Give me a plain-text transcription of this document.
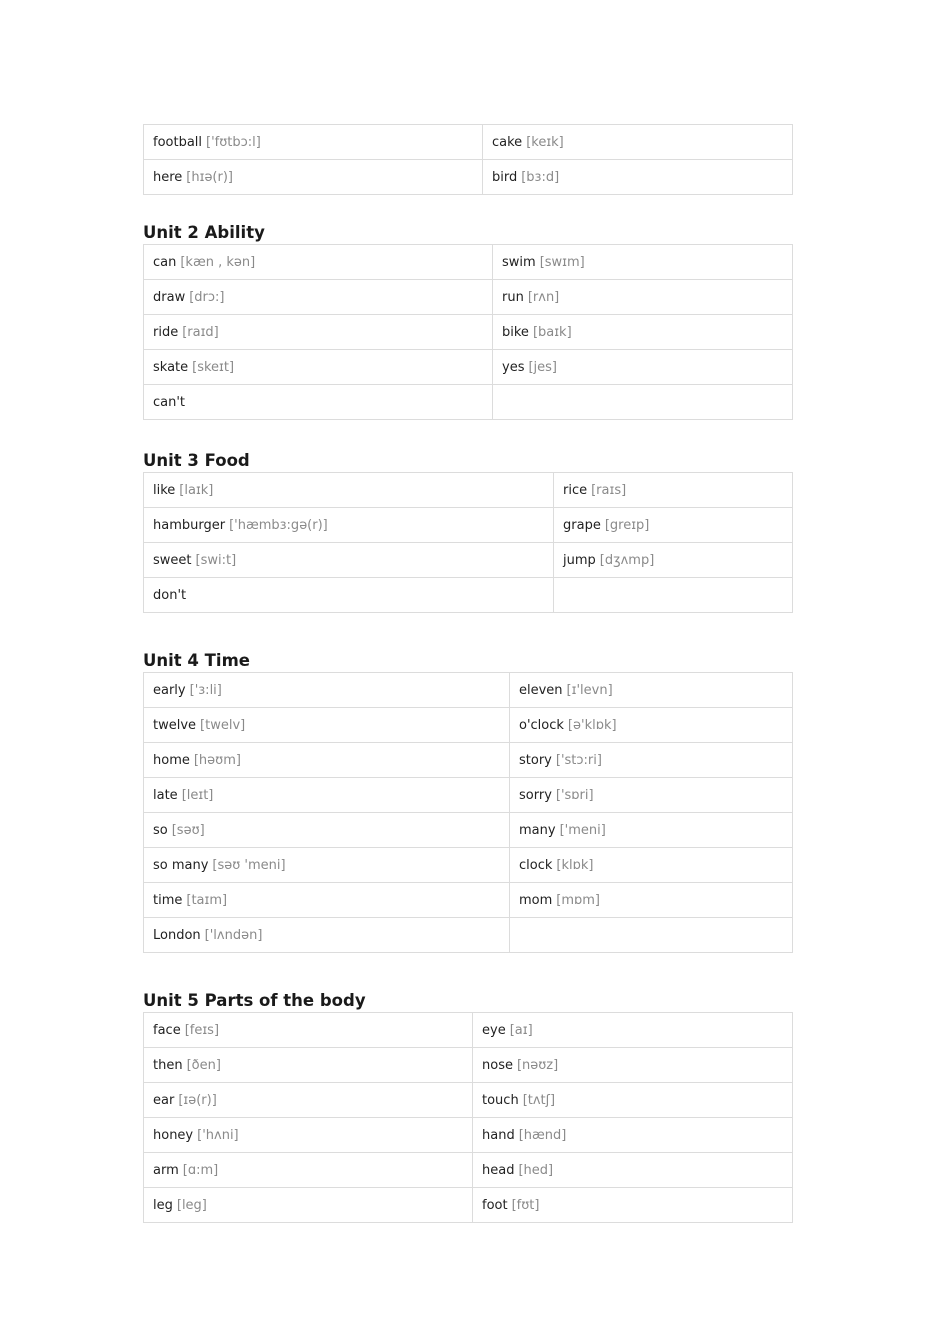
football ['fʊtbɔ:l]	cake [keɪk]
here [hɪə(r)]	bird [bɜ:d]
Unit 2 Ability
can [kæn , kən]	swim [swɪm]
draw [drɔ:]	run [rʌn]
ride [raɪd]	bike [baɪk]
skate [skeɪt]	yes [jes]
can't	
Unit 3 Food
like [laɪk]	rice [raɪs]
hamburger ['hæmbɜ:gə(r)]	grape [greɪp]
sweet [swi:t]	jump [dʒʌmp]
don't	
Unit 4 Time
early ['ɜ:li]	eleven [ɪ'levn]
twelve [twelv]	o'clock [ə'klɒk]
home [həʊm]	story ['stɔ:ri]
late [leɪt]	sorry ['sɒri]
so [səʊ]	many ['meni]
so many [səʊ 'meni]	clock [klɒk]
time [taɪm]	mom [mɒm]
London ['lʌndən]	
Unit 5 Parts of the body
face [feɪs]	eye [aɪ]
then [ðen]	nose [nəʊz]
ear [ɪə(r)]	touch [tʌtʃ]
honey ['hʌni]	hand [hænd]
arm [ɑ:m]	head [hed]
leg [leg]	foot [fʊt]
